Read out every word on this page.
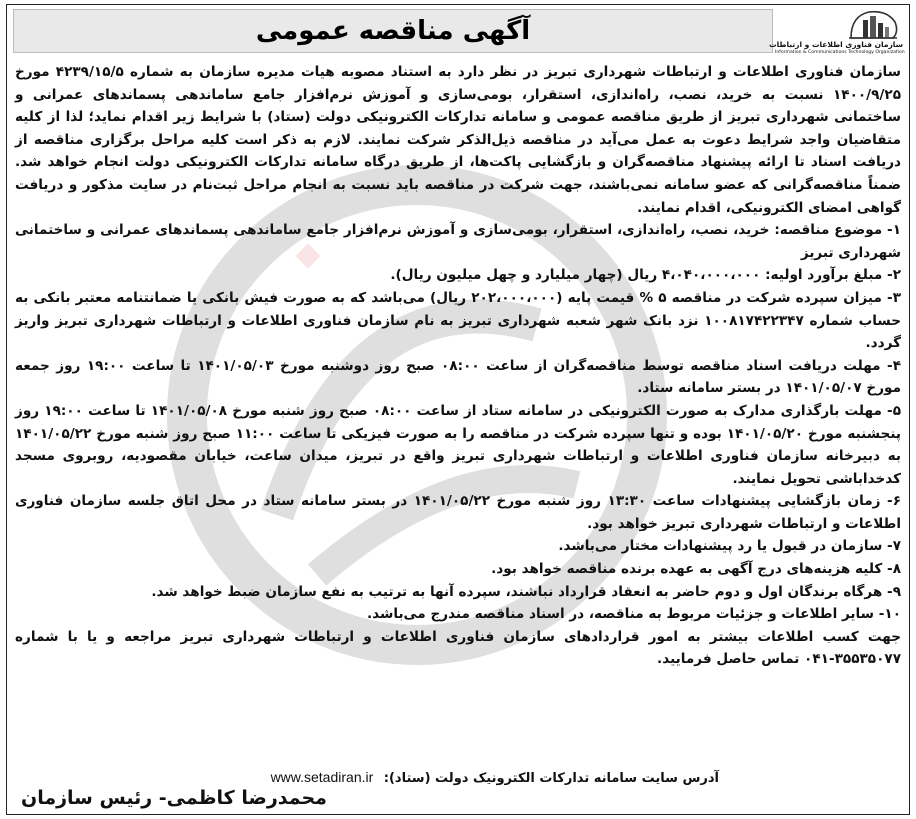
آگهی مناقصه عمومی	سازمان فناوری اطلاعات و ارتباطات
Information & Communications Technology Organization

سازمان فناوری اطلاعات و ارتباطات شهرداری تبریز در نظر دارد به استناد مصوبه هیات مدیره سازمان به شماره ۴۲۳۹/۱۵/۵ مورخ ۱۴۰۰/۹/۲۵ نسبت به خرید، نصب، راه‌اندازی، استقرار، بومی‌سازی و آموزش نرم‌افزار جامع ساماندهی پسماندهای عمرانی و ساختمانی شهرداری تبریز از طریق مناقصه عمومی و سامانه تدارکات الکترونیکی دولت (ستاد) با شرایط زیر اقدام نماید؛ لذا از کلیه متقاضیان واجد شرایط دعوت به عمل می‌آید در مناقصه ذیل‌الذکر شرکت نمایند. لازم به ذکر است کلیه مراحل برگزاری مناقصه از دریافت اسناد تا ارائه پیشنهاد مناقصه‌گران و بازگشایی پاکت‌ها، از طریق درگاه سامانه تدارکات الکترونیکی دولت انجام خواهد شد. ضمناً مناقصه‌گرانی که عضو سامانه نمی‌باشند، جهت شرکت در مناقصه باید نسبت به انجام مراحل ثبت‌نام در سایت مذکور و دریافت گواهی امضای الکترونیکی، اقدام نمایند.

۱- موضوع مناقصه: خرید، نصب، راه‌اندازی، استقرار، بومی‌سازی و آموزش نرم‌افزار جامع ساماندهی پسماندهای عمرانی و ساختمانی شهرداری تبریز

۲- مبلغ برآورد اولیه: ۴،۰۴۰،۰۰۰،۰۰۰ ریال (چهار میلیارد و چهل میلیون ریال).

۳- میزان سپرده شرکت در مناقصه ۵ % قیمت پایه (۲۰۲،۰۰۰،۰۰۰ ریال) می‌باشد که به صورت فیش بانکی یا ضمانتنامه معتبر بانکی به حساب شماره ۱۰۰۸۱۷۴۲۲۳۴۷ نزد بانک شهر شعبه شهرداری تبریز به نام سازمان فناوری اطلاعات و ارتباطات شهرداری تبریز واریز گردد.

۴- مهلت دریافت اسناد مناقصه توسط مناقصه‌گران از ساعت ۰۸:۰۰ صبح روز دوشنبه مورخ ۱۴۰۱/۰۵/۰۳ تا ساعت ۱۹:۰۰ روز جمعه مورخ ۱۴۰۱/۰۵/۰۷ در بستر سامانه ستاد.

۵- مهلت بارگذاری مدارک به صورت الکترونیکی در سامانه ستاد از ساعت ۰۸:۰۰ صبح روز شنبه مورخ ۱۴۰۱/۰۵/۰۸ تا ساعت ۱۹:۰۰ روز پنجشنبه مورخ ۱۴۰۱/۰۵/۲۰ بوده و تنها سپرده شرکت در مناقصه را به صورت فیزیکی تا ساعت ۱۱:۰۰ صبح روز شنبه مورخ ۱۴۰۱/۰۵/۲۲ به دبیرخانه سازمان فناوری اطلاعات و ارتباطات شهرداری تبریز واقع در تبریز، میدان ساعت، خیابان مقصودیه، روبروی مسجد کدخداباشی تحویل نمایند.

۶- زمان بازگشایی پیشنهادات ساعت ۱۳:۳۰ روز شنبه مورخ ۱۴۰۱/۰۵/۲۲ در بستر سامانه ستاد در محل اتاق جلسه سازمان فناوری اطلاعات و ارتباطات شهرداری تبریز خواهد بود.

۷- سازمان در قبول یا رد پیشنهادات مختار می‌باشد.

۸- کلیه هزینه‌های درج آگهی به عهده برنده مناقصه خواهد بود.

۹- هرگاه برندگان اول و دوم حاضر به انعقاد قرارداد نباشند، سپرده آنها به ترتیب به نفع سازمان ضبط خواهد شد.

۱۰- سایر اطلاعات و جزئیات مربوط به مناقصه، در اسناد مناقصه مندرج می‌باشد.

جهت کسب اطلاعات بیشتر به امور قراردادهای سازمان فناوری اطلاعات و ارتباطات شهرداری تبریز مراجعه و یا با شماره ۳۵۵۳۵۰۷۷-۰۴۱ تماس حاصل فرمایید.

آدرس سایت سامانه تدارکات الکترونیک دولت (ستاد): www.setadiran.ir
محمدرضا کاظمی- رئیس سازمان
